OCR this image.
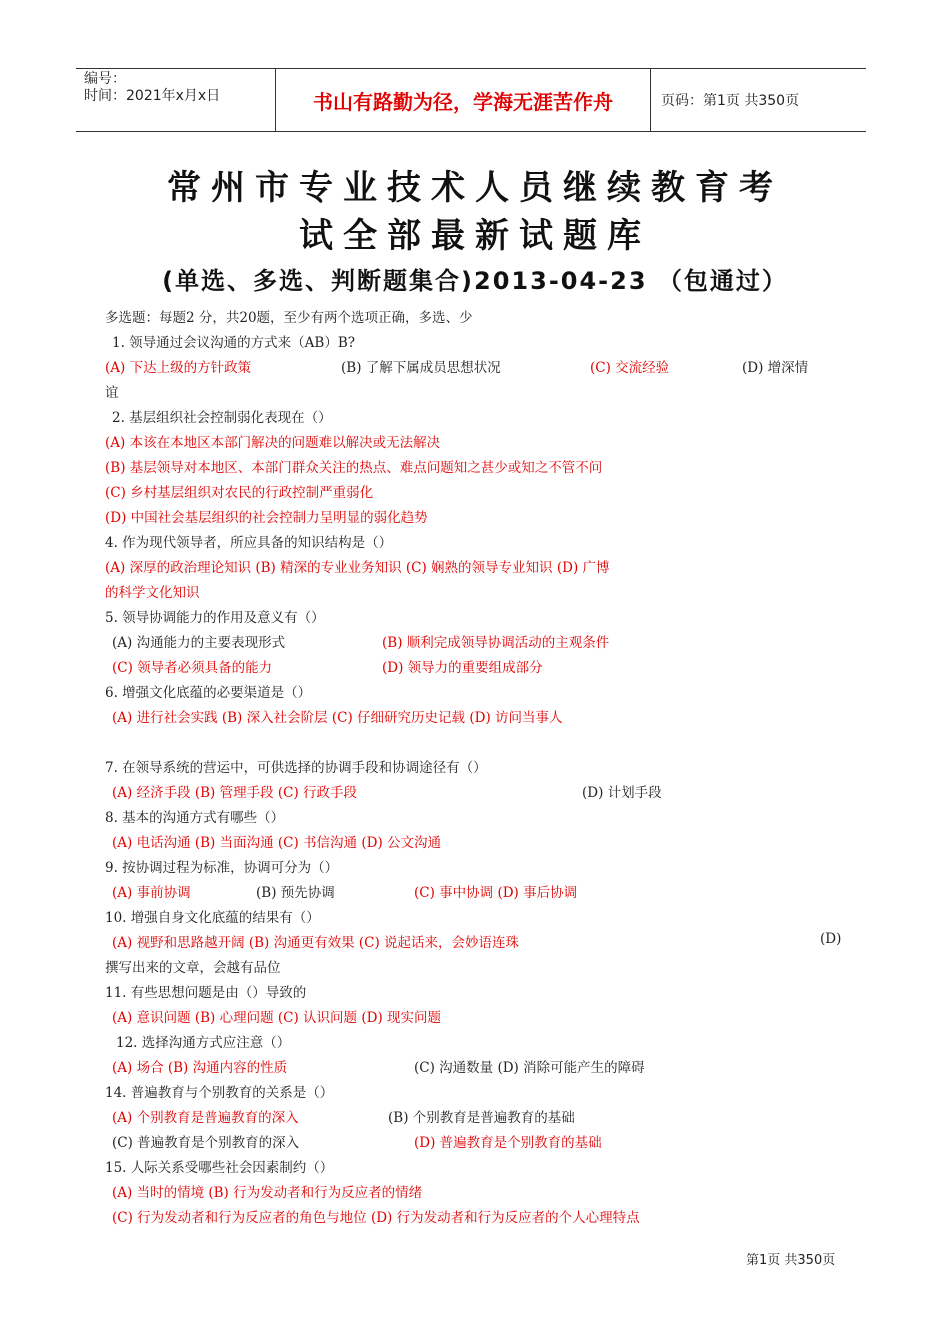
编号：
时间：2021年x月x日	书山有路勤为径，学海无涯苦作舟	页码：第1页 共350页
常州市专业技术人员继续教育考
试全部最新试题库
(单选、多选、判断题集合)2013-04-23 （包通过）
多选题：每题2 分，共20题，至少有两个选项正确，多选、少
1. 领导通过会议沟通的方式来（AB）B?
(A) 下达上级的方针政策	(B) 了解下属成员思想状况	(C) 交流经验	(D) 增深情
谊
2. 基层组织社会控制弱化表现在（）
(A) 本该在本地区本部门解决的问题难以解决或无法解决
(B) 基层领导对本地区、本部门群众关注的热点、难点问题知之甚少或知之不管不问
(C) 乡村基层组织对农民的行政控制严重弱化
(D) 中国社会基层组织的社会控制力呈明显的弱化趋势
4. 作为现代领导者，所应具备的知识结构是（）
(A) 深厚的政治理论知识 (B) 精深的专业业务知识 (C) 娴熟的领导专业知识 (D) 广博
的科学文化知识
5. 领导协调能力的作用及意义有（）
(A) 沟通能力的主要表现形式	(B) 顺利完成领导协调活动的主观条件
(C) 领导者必须具备的能力	(D) 领导力的重要组成部分
6. 增强文化底蕴的必要渠道是（）
(A) 进行社会实践 (B) 深入社会阶层 (C) 仔细研究历史记载 (D) 访问当事人
7. 在领导系统的营运中，可供选择的协调手段和协调途径有（）
(A) 经济手段 (B) 管理手段 (C) 行政手段	(D) 计划手段
8. 基本的沟通方式有哪些（）
(A) 电话沟通 (B) 当面沟通 (C) 书信沟通 (D) 公文沟通
9. 按协调过程为标准，协调可分为（）
(A) 事前协调	(B) 预先协调	(C) 事中协调 (D) 事后协调
10. 增强自身文化底蕴的结果有（）
(A) 视野和思路越开阔 (B) 沟通更有效果 (C) 说起话来，会妙语连珠	(D)
撰写出来的文章，会越有品位
11. 有些思想问题是由（）导致的
(A) 意识问题 (B) 心理问题 (C) 认识问题 (D) 现实问题
12. 选择沟通方式应注意（）
(A) 场合 (B) 沟通内容的性质	(C) 沟通数量 (D) 消除可能产生的障碍
14. 普遍教育与个别教育的关系是（）
(A) 个别教育是普遍教育的深入	(B) 个别教育是普遍教育的基础
(C) 普遍教育是个别教育的深入	(D) 普遍教育是个别教育的基础
15. 人际关系受哪些社会因素制约（）
(A) 当时的情境 (B) 行为发动者和行为反应者的情绪
(C) 行为发动者和行为反应者的角色与地位 (D) 行为发动者和行为反应者的个人心理特点
第1页 共350页
